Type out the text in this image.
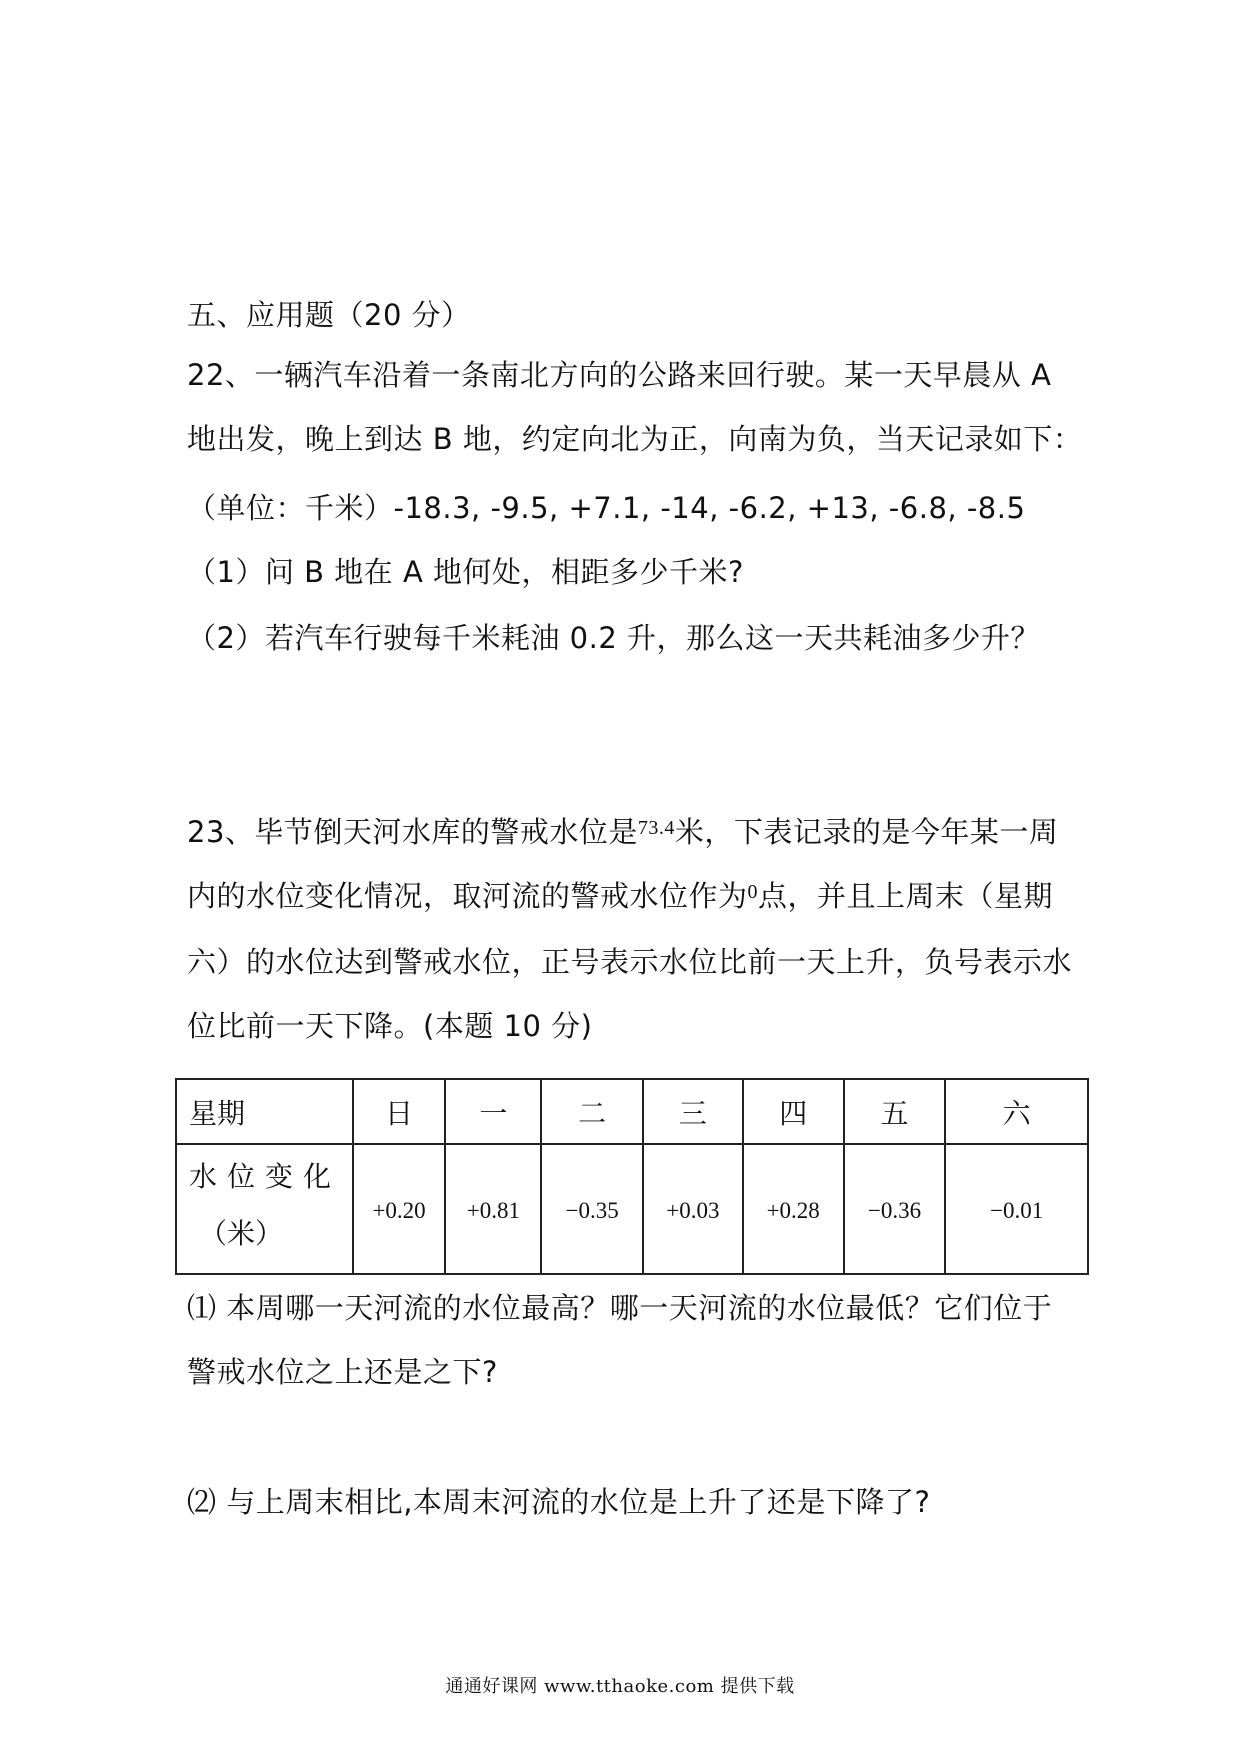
五、应用题（20 分）
22、一辆汽车沿着一条南北方向的公路来回行驶。某一天早晨从 A
地出发，晚上到达 B 地，约定向北为正，向南为负，当天记录如下：
（单位：千米）-18.3, -9.5, +7.1, -14, -6.2, +13, -6.8, -8.5
（1）问 B 地在 A 地何处，相距多少千米?
（2）若汽车行驶每千米耗油 0.2 升，那么这一天共耗油多少升？
23、毕节倒天河水库的警戒水位是$^{73.4}$米，下表记录的是今年某一周
内的水位变化情况，取河流的警戒水位作为$^0$点，并且上周末（星期
六）的水位达到警戒水位，正号表示水位比前一天上升，负号表示水
位比前一天下降。(本题 10 分)
星期	日	一	二	三	四	五	六

水位变化
（米）	+0.20	+0.81	−0.35	+0.03	+0.28	−0.36	−0.01
⑴ 本周哪一天河流的水位最高？哪一天河流的水位最低？它们位于
警戒水位之上还是之下?
⑵ 与上周末相比,本周末河流的水位是上升了还是下降了?
通通好课网 www.tthaoke.com 提供下载
